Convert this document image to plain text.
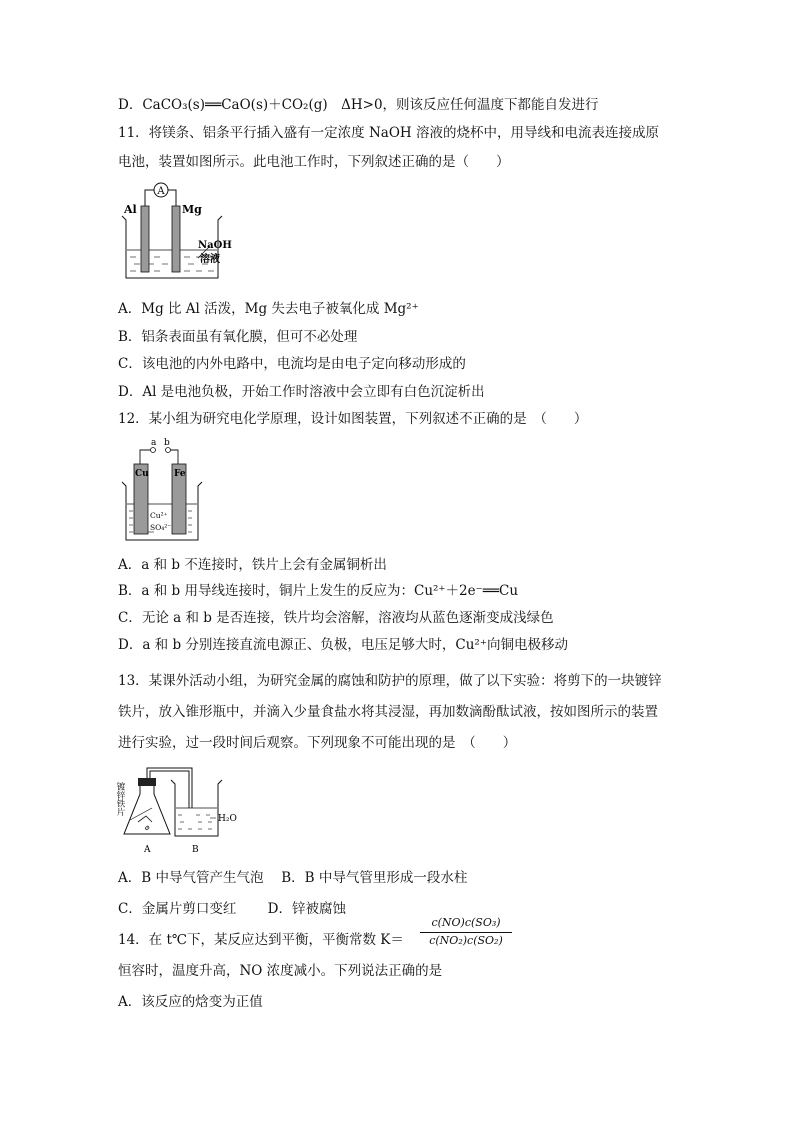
D．CaCO₃(s)══CaO(s)＋CO₂(g)　ΔH>0，则该反应任何温度下都能自发进行
11．将镁条、铝条平行插入盛有一定浓度 NaOH 溶液的烧杯中，用导线和电流表连接成原
电池，装置如图所示。此电池工作时，下列叙述正确的是（　　）
A
Al	Mg
NaOH
溶液
A．Mg 比 Al 活泼，Mg 失去电子被氧化成 Mg²⁺
B．铝条表面虽有氧化膜，但可不必处理
C．该电池的内外电路中，电流均是由电子定向移动形成的
D．Al 是电池负极，开始工作时溶液中会立即有白色沉淀析出
12．某小组为研究电化学原理，设计如图装置，下列叙述不正确的是　（　　）
a b
Cu	Fe
Cu²⁺
SO₄²⁻
A．a 和 b 不连接时，铁片上会有金属铜析出
B．a 和 b 用导线连接时，铜片上发生的反应为：Cu²⁺＋2e⁻══Cu
C．无论 a 和 b 是否连接，铁片均会溶解，溶液均从蓝色逐渐变成浅绿色
D．a 和 b 分别连接直流电源正、负极，电压足够大时，Cu²⁺向铜电极移动
13．某课外活动小组，为研究金属的腐蚀和防护的原理，做了以下实验：将剪下的一块镀锌
铁片，放入锥形瓶中，并滴入少量食盐水将其浸湿，再加数滴酚酞试液，按如图所示的装置
进行实验，过一段时间后观察。下列现象不可能出现的是　（　　）
镀锌铁片
⚙
H₂O
A	B
A．B 中导气管产生气泡　 B．B 中导气管里形成一段水柱
C．金属片剪口变红　　 D．锌被腐蚀
14．在 t℃下，某反应达到平衡，平衡常数 K＝
c(NO)c(SO₃)
c(NO₂)c(SO₂)
恒容时，温度升高，NO 浓度减小。下列说法正确的是
A．该反应的焓变为正值
